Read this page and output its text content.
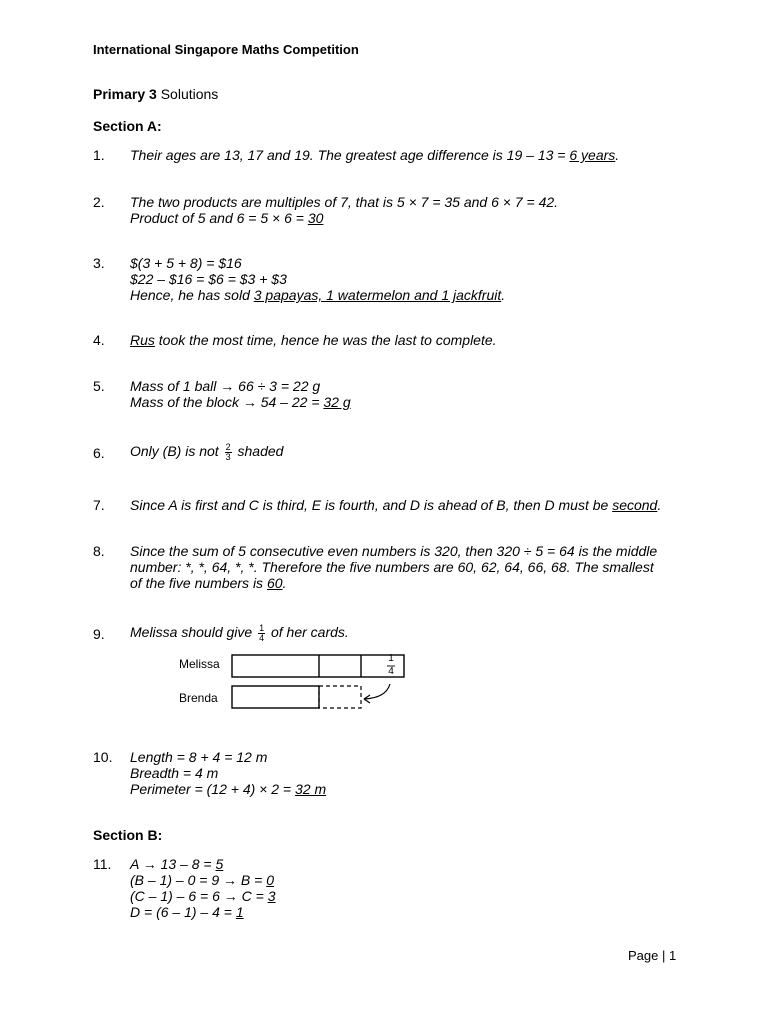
International Singapore Maths Competition
Primary 3 Solutions
Section A:
1.	Their ages are 13, 17 and 19. The greatest age difference is 19 – 13 = 6 years.
2.	The two products are multiples of 7, that is 5 × 7 = 35 and 6 × 7 = 42.
Product of 5 and 6 = 5 × 6 = 30
3.	$(3 + 5 + 8) = $16
$22 – $16 = $6 = $3 + $3
Hence, he has sold 3 papayas, 1 watermelon and 1 jackfruit.
4.	Rus took the most time, hence he was the last to complete.
5.	Mass of 1 ball → 66 ÷ 3 = 22 g
Mass of the block → 54 – 22 = 32 g
6.	Only (B) is not $\frac{2}{3}$ shaded
7.	Since A is first and C is third, E is fourth, and D is ahead of B, then D must be second.
8.	Since the sum of 5 consecutive even numbers is 320, then 320 ÷ 5 = 64 is the middle
number: *, *, 64, *, *. Therefore the five numbers are 60, 62, 64, 66, 68. The smallest
of the five numbers is 60.
9.	Melissa should give $\frac{1}{4}$ of her cards.
Melissa
Brenda
1
4
10.	Length = 8 + 4 = 12 m
Breadth = 4 m
Perimeter = (12 + 4) × 2 = 32 m
Section B:
11.	A → 13 – 8 = 5
(B – 1) – 0 = 9 → B = 0
(C – 1) – 6 = 6 → C = 3
D = (6 – 1) – 4 = 1
Page | 1
